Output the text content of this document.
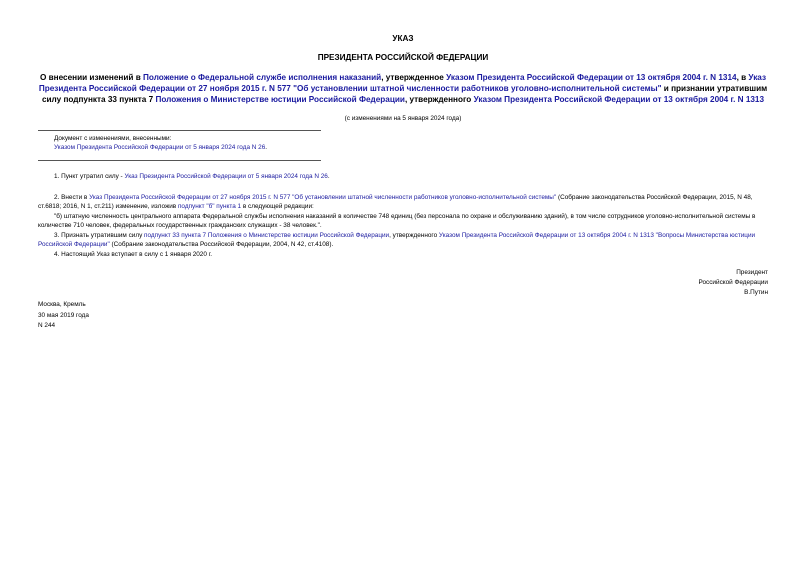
УКАЗ

ПРЕЗИДЕНТА РОССИЙСКОЙ ФЕДЕРАЦИИ

О внесении изменений в Положение о Федеральной службе исполнения наказаний, утвержденное Указом Президента Российской Федерации от 13 октября 2004 г. N 1314, в Указ Президента Российской Федерации от 27 ноября 2015 г. N 577 "Об установлении штатной численности работников уголовно-исполнительной системы" и признании утратившим силу подпункта 33 пункта 7 Положения о Министерстве юстиции Российской Федерации, утвержденного Указом Президента Российской Федерации от 13 октября 2004 г. N 1313
(с изменениями на 5 января 2024 года)
Документ с изменениями, внесенными:
Указом Президента Российской Федерации от 5 января 2024 года N 26.

1. Пункт утратил силу - Указ Президента Российской Федерации от 5 января 2024 года N 26.

2. Внести в Указ Президента Российской Федерации от 27 ноября 2015 г. N 577 "Об установлении штатной численности работников уголовно-исполнительной системы" (Собрание законодательства Российской Федерации, 2015, N 48, ст.6818; 2016, N 1, ст.211) изменение, изложив подпункт "б" пункта 1 в следующей редакции:

"б) штатную численность центрального аппарата Федеральной службы исполнения наказаний в количестве 748 единиц (без персонала по охране и обслуживанию зданий), в том числе сотрудников уголовно-исполнительной системы в количестве 710 человек, федеральных государственных гражданских служащих - 38 человек.".

3. Признать утратившим силу подпункт 33 пункта 7 Положения о Министерстве юстиции Российской Федерации, утвержденного Указом Президента Российской Федерации от 13 октября 2004 г. N 1313 "Вопросы Министерства юстиции Российской Федерации" (Собрание законодательства Российской Федерации, 2004, N 42, ст.4108).

4. Настоящий Указ вступает в силу с 1 января 2020 г.

Президент
Российской Федерации
В.Путин
Москва, Кремль
30 мая 2019 года
N 244
